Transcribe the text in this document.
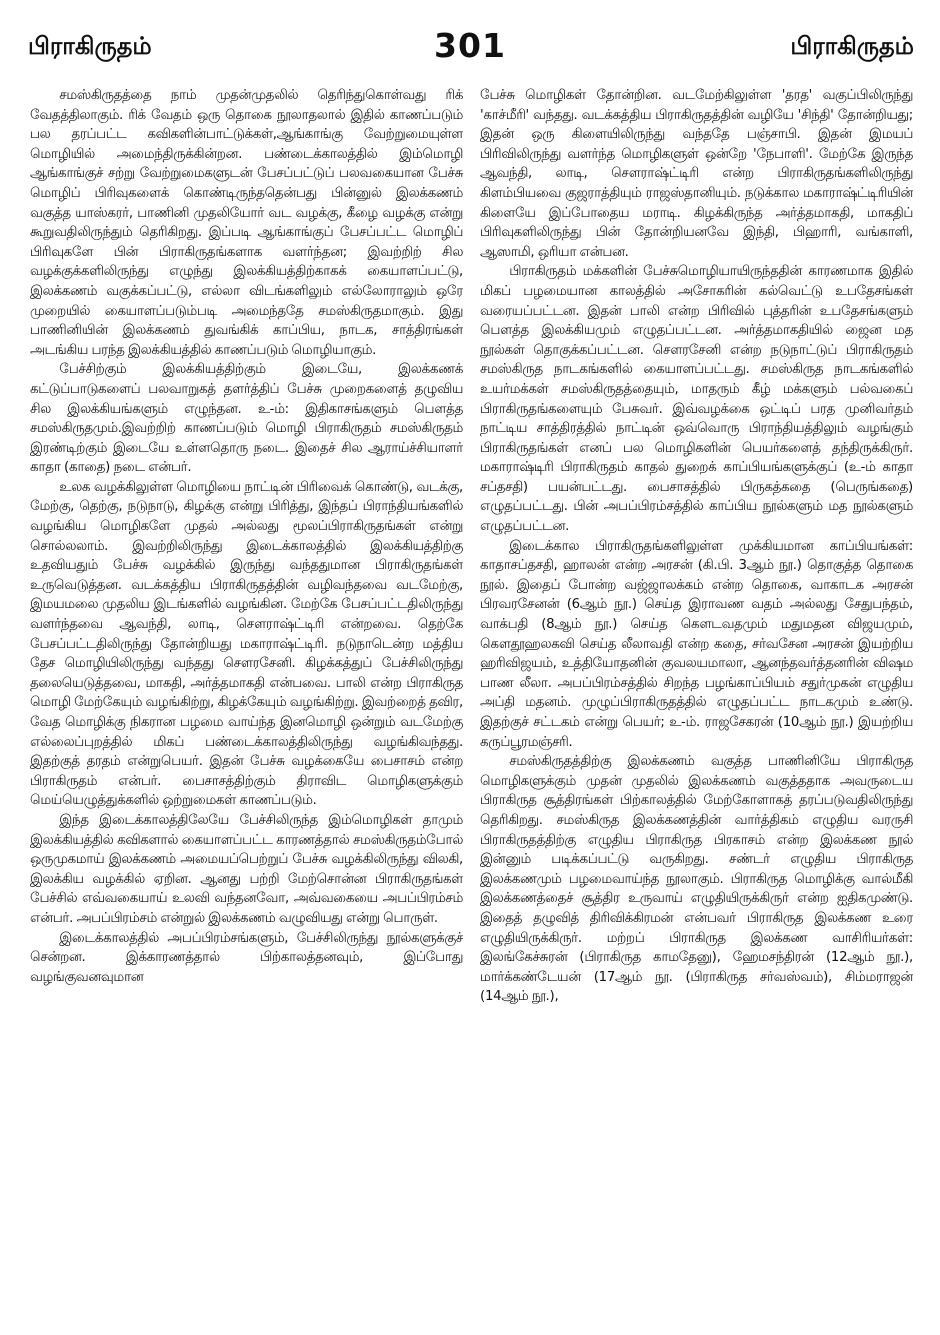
பிராகிருதம்	301	பிராகிருதம்

சமஸ்கிருதத்தை நாம் முதன்முதலில் தெரிந்துகொள்வது ரிக் வேதத்திலாகும். ரிக் வேதம் ஒரு தொகை நூலாதலால் இதில் காணப்படும் பல தரப்பட்ட கவிகளின்பாட்டுக்கள்,ஆங்காங்கு வேற்றுமையுள்ள மொழியில் அமைந்திருக்கின்றன. பண்டைக்காலத்தில் இம்மொழி ஆங்காங்குச் சற்று வேற்றுமைகளுடன் பேசப்பட்டுப் பலவகையான பேச்சு மொழிப் பிரிவுகளைக் கொண்டிருந்ததென்பது பின்னுல் இலக்கணம் வகுத்த யாஸ்கரர், பாணினி முதலியோர் வட வழக்கு, கீழை வழக்கு என்று கூறுவதிலிருந்தும் தெரிகிறது. இப்படி ஆங்காங்குப் பேசப்பட்ட மொழிப் பிரிவுகளே பின் பிராகிருதங்களாக வளர்ந்தன; இவற்றிற் சில வழக்குக்களிலிருந்து எழுந்து இலக்கியத்திற்காகக் கையாளப்பட்டு, இலக்கணம் வகுக்கப்பட்டு, எல்லா விடங்களிலும் எல்லோராலும் ஒரே முறையில் கையாளப்படும்படி அமைந்ததே சமஸ்கிருதமாகும். இது பாணினியின் இலக்கணம் துவங்கிக் காப்பிய, நாடக, சாத்திரங்கள் அடங்கிய பரந்த இலக்கியத்தில் காணப்படும் மொழியாகும்.

பேச்சிற்கும் இலக்கியத்திற்கும் இடையே, இலக்கணக் கட்டுப்பாடுகளைப் பலவாறுகத் தளர்த்திப் பேச்சு முறைகளைத் தழுவிய சில இலக்கியங்களும் எழுந்தன. உ-ம்: இதிகாசங்களும் பௌத்த சமஸ்கிருதமும்.இவற்றிற் காணப்படும் மொழி பிராகிருதம் சமஸ்கிருதம் இரண்டிற்கும் இடையே உள்ளதொரு நடை. இதைச் சில ஆராய்ச்சியாளர் காதா (காதை) நடை என்பர்.

உலக வழக்கிலுள்ள மொழியை நாட்டின் பிரிவைக் கொண்டு, வடக்கு, மேற்கு, தெற்கு, நடுநாடு, கிழக்கு என்று பிரித்து, இந்தப் பிராந்தியங்களில் வழங்கிய மொழிகளே முதல் அல்லது மூலப்பிராகிருதங்கள் என்று சொல்லலாம். இவற்றிலிருந்து இடைக்காலத்தில் இலக்கியத்திற்கு உதவியதும் பேச்சு வழக்கில் இருந்து வந்ததுமான பிராகிருதங்கள் உருவெடுத்தன. வடக்கத்திய பிராகிருதத்தின் வழிவந்தவை வடமேற்கு, இமயமலை முதலிய இடங்களில் வழங்கின. மேற்கே பேசப்பட்டதிலிருந்து வளர்ந்தவை ஆவந்தி, லாடி, சௌராஷ்ட்டிரி என்றவை. தெற்கே பேசப்பட்டதிலிருந்து தோன்றியது மகாராஷ்ட்டிரி. நடுநாடென்ற மத்திய தேச மொழியிலிருந்து வந்தது சௌரசேனி. கிழக்கத்துப் பேச்சிலிருந்து தலையெடுத்தவை, மாகதி, அர்த்தமாகதி என்பவை. பாலி என்ற பிராகிருத மொழி மேற்கேயும் வழங்கிற்று, கிழக்கேயும் வழங்கிற்று. இவற்றைத் தவிர, வேத மொழிக்கு நிகரான பழமை வாய்ந்த இனமொழி ஒன்றும் வடமேற்கு எல்லைப்புறத்தில் மிகப் பண்டைக்காலத்திலிருந்து வழங்கிவந்தது. இதற்குத் தரதம் என்றுபெயர். இதன் பேச்சு வழக்கையே பைசாசம் என்ற பிராகிருதம் என்பர். பைசாசத்திற்கும் திராவிட மொழிகளுக்கும் மெய்யெழுத்துக்களில் ஒற்றுமைகள் காணப்படும்.

இந்த இடைக்காலத்திலேயே பேச்சிலிருந்த இம்மொழிகள் தாமும் இலக்கியத்தில் கவிகளால் கையாளப்பட்ட காரணத்தால் சமஸ்கிருதம்போல் ஒருமுகமாய் இலக்கணம் அமையப்பெற்றுப் பேச்சு வழக்கிலிருந்து விலகி, இலக்கிய வழக்கில் ஏறின. ஆனது பற்றி மேற்சொன்ன பிராகிருதங்கள் பேச்சில் எவ்வகையாய் உலவி வந்தனவோ, அவ்வகையை அபப்பிரம்சம் என்பர். அபப்பிரம்சம் என்றுல் இலக்கணம் வழுவியது என்று பொருள்.

இடைக்காலத்தில் அபப்பிரம்சங்களும், பேச்சிலிருந்து நூல்களுக்குச் சென்றன. இக்காரணத்தால் பிற்காலத்தனவும், இப்போது வழங்குவனவுமான

பேச்சு மொழிகள் தோன்றின. வடமேற்கிலுள்ள 'தரத' வகுப்பிலிருந்து 'காச்மீரி' வந்தது. வடக்கத்திய பிராகிருதத்தின் வழியே 'சிந்தி' தோன்றியது; இதன் ஒரு கிளையிலிருந்து வந்ததே பஞ்சாபி. இதன் இமயப் பிரிவிலிருந்து வளர்ந்த மொழிகளுள் ஒன்றே 'நேபாளி'. மேற்கே இருந்த ஆவந்தி, லாடி, சௌராஷ்ட்டிரி என்ற பிராகிருதங்களிலிருந்து கிளம்பியவை குஜராத்தியும் ராஜஸ்தானியும். நடுக்கால மகாராஷ்ட்டிரியின் கிளையே இப்போதைய மராடி. கிழக்கிருந்த அர்த்தமாகதி, மாகதிப் பிரிவுகளிலிருந்து பின் தோன்றியனவே இந்தி, பிஹாரி, வங்காளி, ஆஸாமி, ஒரியா என்பன.

பிராகிருதம் மக்களின் பேச்சுமொழியாயிருந்ததின் காரணமாக இதில் மிகப் பழமையான காலத்தில் அசோகரின் கல்வெட்டு உபதேசங்கள் வரையப்பட்டன. இதன் பாலி என்ற பிரிவில் புத்தரின் உபதேசங்களும் பௌத்த இலக்கியமும் எழுதப்பட்டன. அர்த்தமாகதியில் ஜைன மத நூல்கள் தொகுக்கப்பட்டன. சௌரசேனி என்ற நடுநாட்டுப் பிராகிருதம் சமஸ்கிருத நாடகங்களில் கையாளப்பட்டது. சமஸ்கிருத நாடகங்களில் உயர்மக்கள் சமஸ்கிருதத்தையும், மாதரும் கீழ் மக்களும் பல்வகைப் பிராகிருதங்களையும் பேசுவர். இவ்வழக்கை ஒட்டிப் பரத முனிவர்தம் நாட்டிய சாத்திரத்தில் நாட்டின் ஒவ்வொரு பிராந்தியத்திலும் வழங்கும் பிராகிருதங்கள் எனப் பல மொழிகளின் பெயர்களைத் தந்திருக்கிருர். மகாராஷ்டிரி பிராகிருதம் காதல் துறைக் காப்பியங்களுக்குப் (உ-ம் காதா சப்தசதி) பயன்பட்டது. பைசாசத்தில் பிருகத்கதை (பெருங்கதை) எழுதப்பட்டது. பின் அபப்பிரம்சத்தில் காப்பிய நூல்களும் மத நூல்களும் எழுதப்பட்டன.

இடைக்கால பிராகிருதங்களிலுள்ள முக்கியமான காப்பியங்கள்: காதாசப்தசதி, ஹாலன் என்ற அரசன் (கி.பி. 3ஆம் நூ.) தொகுத்த தொகை நூல். இதைப் போன்ற வஜ்ஜாலக்கம் என்ற தொகை, வாகாடக அரசன் பிரவரசேனன் (6ஆம் நூ.) செய்த இராவண வதம் அல்லது சேதுபந்தம், வாக்பதி (8ஆம் நூ.) செய்த கௌடவதமும் மதுமதன விஜயமும், கௌதூஹலகவி செய்த லீலாவதி என்ற கதை, சர்வசேன அரசன் இயற்றிய ஹரிவிஜயம், உத்தியோதனின் குவலயமாலா, ஆனந்தவர்த்தனரின் விஷம பாண லீலா. அபப்பிரம்சத்தில் சிறந்த பழங்காப்பியம் சதுர்முகன் எழுதிய அப்தி மதனம். முழுப்பிராகிருதத்தில் எழுதப்பட்ட நாடகமும் உண்டு. இதற்குச் சட்டகம் என்று பெயர்; உ-ம். ராஜசேகரன் (10ஆம் நூ.) இயற்றிய கருப்பூரமஞ்சரி.

சமஸ்கிருதத்திற்கு இலக்கணம் வகுத்த பாணினியே பிராகிருத மொழிகளுக்கும் முதன் முதலில் இலக்கணம் வகுத்ததாக அவருடைய பிராகிருத சூத்திரங்கள் பிற்காலத்தில் மேற்கோளாகத் தரப்படுவதிலிருந்து தெரிகிறது. சமஸ்கிருத இலக்கணத்தின் வார்த்திகம் எழுதிய வரருசி பிராகிருதத்திற்கு எழுதிய பிராகிருத பிரகாசம் என்ற இலக்கண நூல் இன்னும் படிக்கப்பட்டு வருகிறது. சண்டர் எழுதிய பிராகிருத இலக்கணமும் பழமைவாய்ந்த நூலாகும். பிராகிருத மொழிக்கு வால்மீகி இலக்கணத்தைச் சூத்திர உருவாய் எழுதியிருக்கிருர் என்ற ஐதிகமுண்டு. இதைத் தழுவித் திரிவிக்கிரமன் என்பவர் பிராகிருத இலக்கண உரை எழுதியிருக்கிருர். மற்றப் பிராகிருத இலக்கண வாசிரியர்கள்: இலங்கேச்சுரன் (பிராகிருத காமதேனு), ஹேமசந்திரன் (12ஆம் நூ.), மார்க்கண்டேயன் (17ஆம் நூ. (பிராகிருத சர்வஸ்வம்), சிம்மராஜன் (14ஆம் நூ.),
